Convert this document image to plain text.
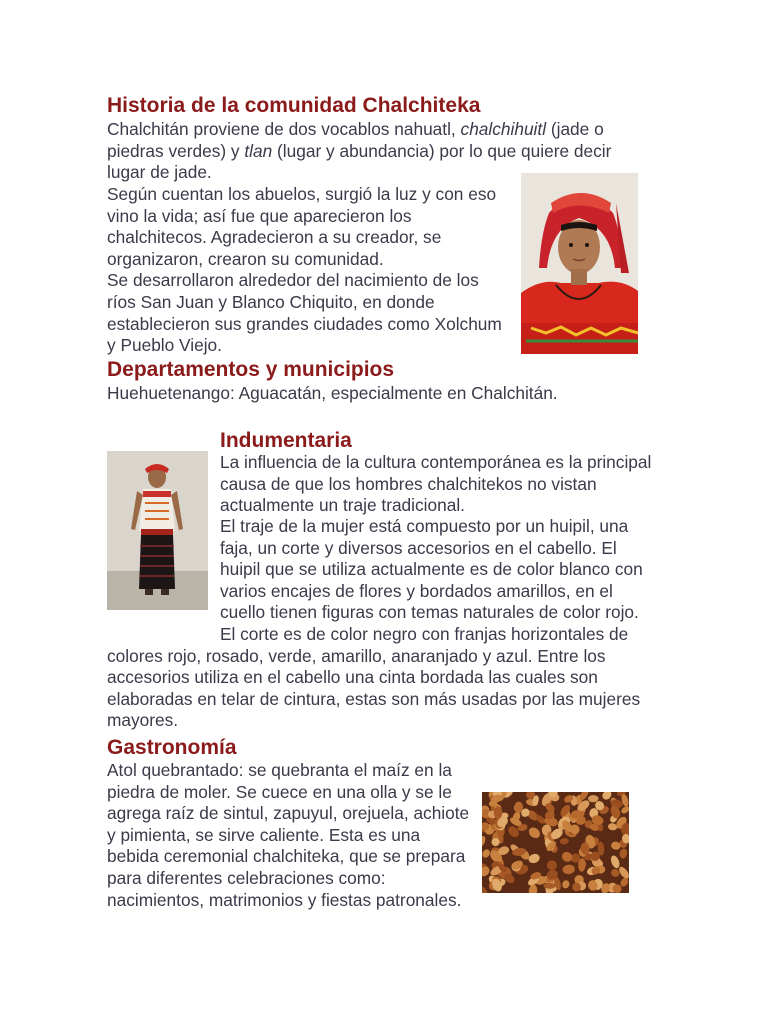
Historia de la comunidad Chalchiteka

Chalchitán proviene de dos vocablos nahuatl, chalchihuitl (jade o piedras verdes) y tlan (lugar y abundancia) por lo que quiere decir lugar de jade.

Según cuentan los abuelos, surgió la luz y con eso vino la vida; así fue que aparecieron los chalchitecos. Agradecieron a su creador, se organizaron, crearon su comunidad.

Se desarrollaron alrededor del nacimiento de los ríos San Juan y Blanco Chiquito, en donde establecieron sus grandes ciudades como Xolchum y Pueblo Viejo.

Departamentos y municipios

Huehuetenango: Aguacatán, especialmente en Chalchitán.

Indumentaria

La influencia de la cultura contemporánea es la principal causa de que los hombres chalchitekos no vistan actualmente un traje tradicional.

El traje de la mujer está compuesto por un huipil, una faja, un corte y diversos accesorios en el cabello. El huipil que se utiliza actualmente es de color blanco con varios encajes de flores y bordados amarillos, en el cuello tienen figuras con temas naturales de color rojo.

El corte es de color negro con franjas horizontales de colores rojo, rosado, verde, amarillo, anaranjado y azul. Entre los accesorios utiliza en el cabello una cinta bordada las cuales son elaboradas en telar de cintura, estas son más usadas por las mujeres mayores.

Gastronomía

Atol quebrantado: se quebranta el maíz en la piedra de moler. Se cuece en una olla y se le agrega raíz de sintul, zapuyul, orejuela, achiote y pimienta, se sirve caliente. Esta es una bebida ceremonial chalchiteka, que se prepara para diferentes celebraciones como: nacimientos, matrimonios y fiestas patronales.
